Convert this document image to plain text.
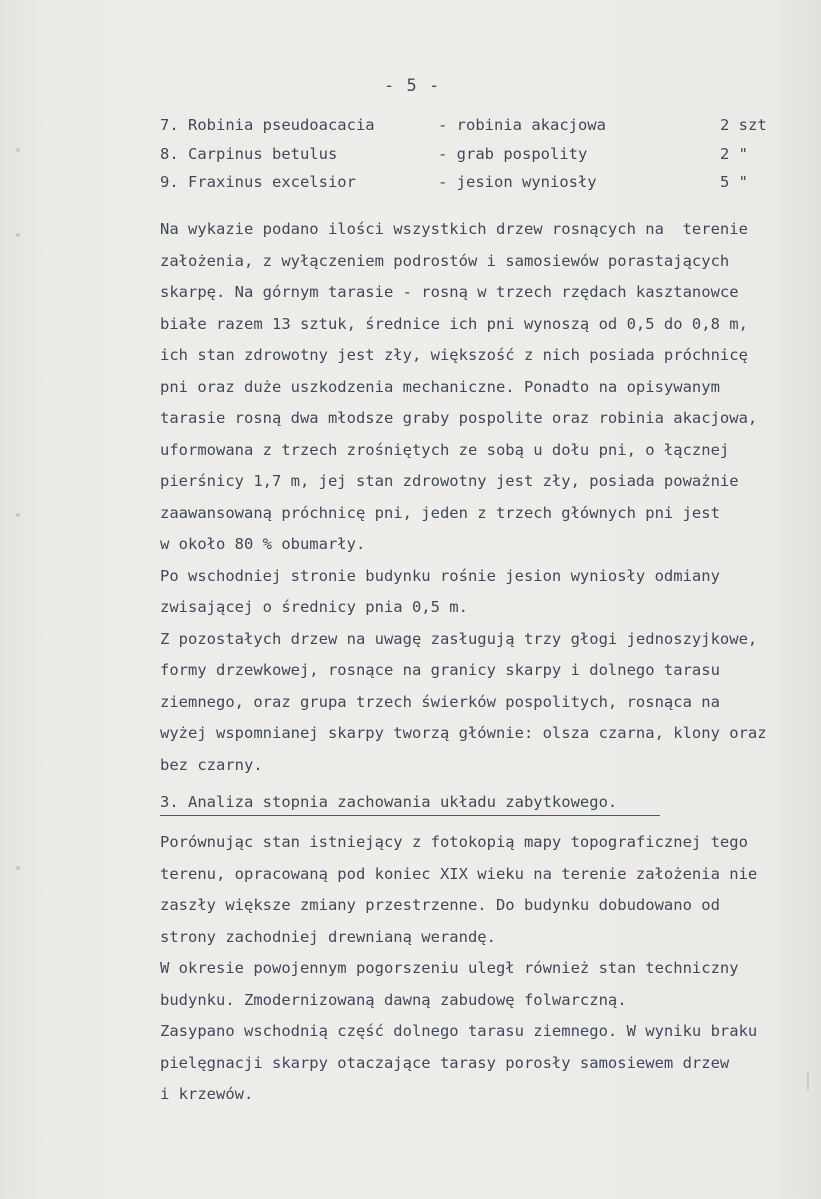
- 5 -
7. Robinia pseudoacacia	- robinia akacjowa	2 szt
8. Carpinus betulus	- grab pospolity	2 "
9. Fraxinus excelsior	- jesion wyniosły	5 "
Na wykazie podano ilości wszystkich drzew rosnących na  terenie
założenia, z wyłączeniem podrostów i samosiewów porastających
skarpę. Na górnym tarasie - rosną w trzech rzędach kasztanowce
białe razem 13 sztuk, średnice ich pni wynoszą od 0,5 do 0,8 m,
ich stan zdrowotny jest zły, większość z nich posiada próchnicę
pni oraz duże uszkodzenia mechaniczne. Ponadto na opisywanym
tarasie rosną dwa młodsze graby pospolite oraz robinia akacjowa,
uformowana z trzech zrośniętych ze sobą u dołu pni, o łącznej
pierśnicy 1,7 m, jej stan zdrowotny jest zły, posiada poważnie
zaawansowaną próchnicę pni, jeden z trzech głównych pni jest
w około 80 % obumarły.
Po wschodniej stronie budynku rośnie jesion wyniosły odmiany
zwisającej o średnicy pnia 0,5 m.
Z pozostałych drzew na uwagę zasługują trzy głogi jednoszyjkowe,
formy drzewkowej, rosnące na granicy skarpy i dolnego tarasu
ziemnego, oraz grupa trzech świerków pospolitych, rosnąca na
wyżej wspomnianej skarpy tworzą głównie: olsza czarna, klony oraz
bez czarny.
3. Analiza stopnia zachowania układu zabytkowego.
Porównując stan istniejący z fotokopią mapy topograficznej tego
terenu, opracowaną pod koniec XIX wieku na terenie założenia nie
zaszły większe zmiany przestrzenne. Do budynku dobudowano od
strony zachodniej drewnianą werandę.
W okresie powojennym pogorszeniu uległ również stan techniczny
budynku. Zmodernizowaną dawną zabudowę folwarczną.
Zasypano wschodnią część dolnego tarasu ziemnego. W wyniku braku
pielęgnacji skarpy otaczające tarasy porosły samosiewem drzew
i krzewów.
